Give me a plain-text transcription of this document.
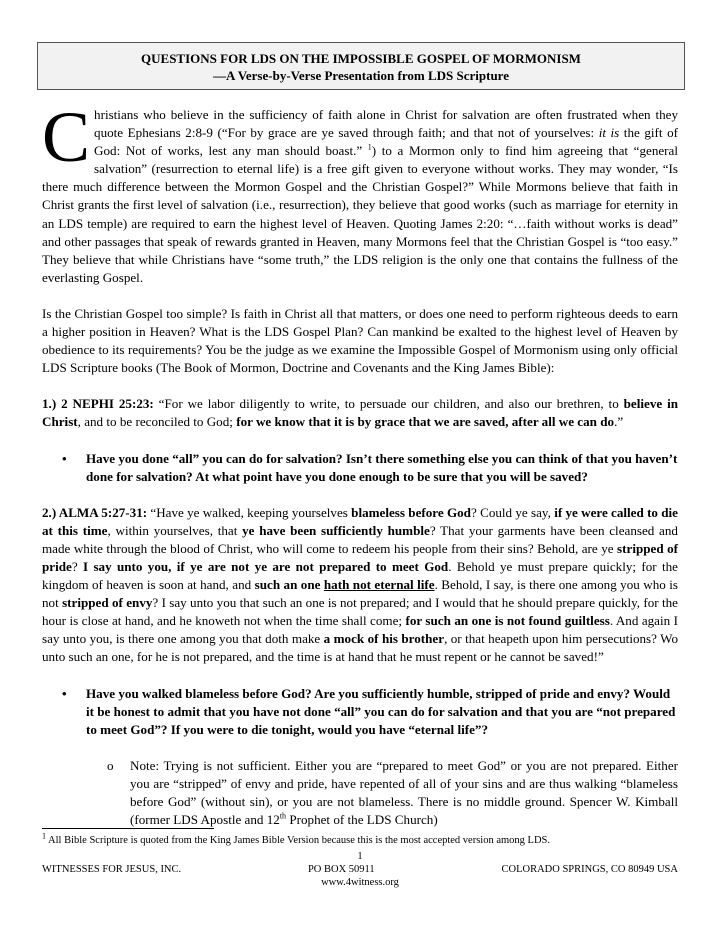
QUESTIONS FOR LDS ON THE IMPOSSIBLE GOSPEL OF MORMONISM
—A Verse-by-Verse Presentation from LDS Scripture

Christians who believe in the sufficiency of faith alone in Christ for salvation are often frustrated when they quote Ephesians 2:8-9 (“For by grace are ye saved through faith; and that not of yourselves: it is the gift of God: Not of works, lest any man should boast.” $^1$) to a Mormon only to find him agreeing that “general salvation” (resurrection to eternal life) is a free gift given to everyone without works. They may wonder, “Is there much difference between the Mormon Gospel and the Christian Gospel?” While Mormons believe that faith in Christ grants the first level of salvation (i.e., resurrection), they believe that good works (such as marriage for eternity in an LDS temple) are required to earn the highest level of Heaven. Quoting James 2:20: “…faith without works is dead” and other passages that speak of rewards granted in Heaven, many Mormons feel that the Christian Gospel is “too easy.” They believe that while Christians have “some truth,” the LDS religion is the only one that contains the fullness of the everlasting Gospel.

Is the Christian Gospel too simple? Is faith in Christ all that matters, or does one need to perform righteous deeds to earn a higher position in Heaven? What is the LDS Gospel Plan? Can mankind be exalted to the highest level of Heaven by obedience to its requirements? You be the judge as we examine the Impossible Gospel of Mormonism using only official LDS Scripture books (The Book of Mormon, Doctrine and Covenants and the King James Bible):

1.) 2 NEPHI 25:23: “For we labor diligently to write, to persuade our children, and also our brethren, to believe in Christ, and to be reconciled to God; for we know that it is by grace that we are saved, after all we can do.”

• Have you done “all” you can do for salvation? Isn’t there something else you can think of that you haven’t done for salvation? At what point have you done enough to be sure that you will be saved?

2.) ALMA 5:27-31: “Have ye walked, keeping yourselves blameless before God? Could ye say, if ye were called to die at this time, within yourselves, that ye have been sufficiently humble? That your garments have been cleansed and made white through the blood of Christ, who will come to redeem his people from their sins? Behold, are ye stripped of pride? I say unto you, if ye are not ye are not prepared to meet God. Behold ye must prepare quickly; for the kingdom of heaven is soon at hand, and such an one hath not eternal life. Behold, I say, is there one among you who is not stripped of envy? I say unto you that such an one is not prepared; and I would that he should prepare quickly, for the hour is close at hand, and he knoweth not when the time shall come; for such an one is not found guiltless. And again I say unto you, is there one among you that doth make a mock of his brother, or that heapeth upon him persecutions? Wo unto such an one, for he is not prepared, and the time is at hand that he must repent or he cannot be saved!”

• Have you walked blameless before God? Are you sufficiently humble, stripped of pride and envy? Would it be honest to admit that you have not done “all” you can do for salvation and that you are “not prepared to meet God”? If you were to die tonight, would you have “eternal life”?
o Note: Trying is not sufficient. Either you are “prepared to meet God” or you are not prepared. Either you are “stripped” of envy and pride, have repented of all of your sins and are thus walking “blameless before God” (without sin), or you are not blameless. There is no middle ground. Spencer W. Kimball (former LDS Apostle and 12th Prophet of the LDS Church)
$^1$ All Bible Scripture is quoted from the King James Bible Version because this is the most accepted version among LDS.
1
WITNESSES FOR JESUS, INC.	PO BOX 50911	COLORADO SPRINGS, CO 80949 USA
www.4witness.org
